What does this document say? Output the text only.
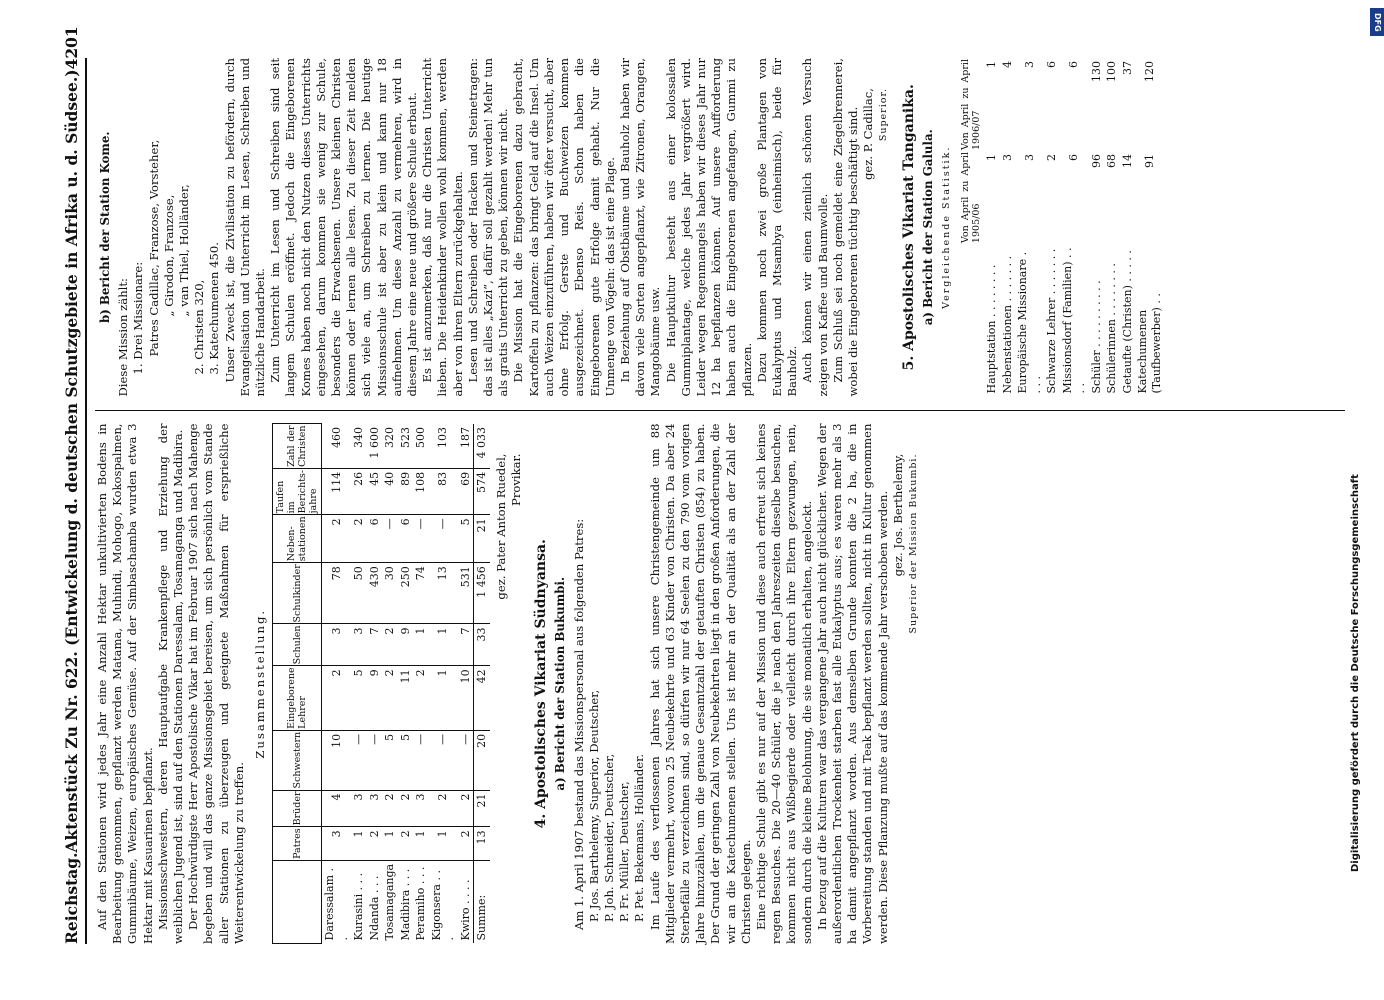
Reichstag.
Aktenstück Zu Nr. 622. (Entwickelung d. deutschen Schutzgebiete in Afrika u. d. Südsee.)
4201

Auf den Stationen wird jedes Jahr eine Anzahl Hektar unkultivierten Bodens in Bearbeitung genommen, gepflanzt werden Matama, Muhindi, Mohogo, Kokospalmen, Gummibäume, Weizen, europäisches Gemüse. Auf der Simbaschamba wurden etwa 3 Hektar mit Kasuarinen bepflanzt. Missionsschwestern, deren Hauptaufgabe Krankenpflege und Erziehung der weiblichen Jugend ist, sind auf den Stationen Daressalam, Tosamaganga und Madibira. Der Hochwürdigste Herr Apostolische Vikar hat im Februar 1907 sich nach Mahenge begeben und will das ganze Missionsgebiet bereisen, um sich persönlich vom Stande aller Stationen zu überzeugen und geeignete Maßnahmen für ersprießliche Weiterentwickelung zu treffen.

Zusammenstellung.

	Patres	Brüder	Schwestern	Eingeborene Lehrer	Schulen	Schulkinder	Neben-stationen	Taufen im Berichts-jahre	Zahl der Christen
Daressalam . .	3	4	10	2	3	78	2	114	460
Kurasini . . .	1	3	—	5	3	50	2	26	340
Ndanda . . .	2	3	—	9	7	430	6	45	1 600
Tosamaganga	1	2	5	2	2	30	—	40	320
Madibira . . .	2	2	5	11	9	250	6	89	523
Peramiho . . .	1	3	—	2	1	74	—	108	500
Kigonsera . . .	1	2	—	1	1	13	—	83	103
Kwiro . . . .	2	2	—	10	7	531	5	69	187
Summe:	13	21	20	42	33	1 456	21	574	4 033

gez. Pater Anton Ruedel, Provikar.

4. Apostolisches Vikariat Südnyansa. a) Bericht der Station Bukumbi. Am 1. April 1907 bestand das Missionspersonal aus folgenden Patres: P. Jos. Barthelemy, Superior, Deutscher, P. Joh. Schneider, Deutscher, P. Fr. Müller, Deutscher, P. Pet. Bekemans, Holländer. Im Laufe des verflossenen Jahres hat sich unsere Christengemeinde um 88 Mitglieder vermehrt, wovon 25 Neubekehrte und 63 Kinder von Christen. Da aber 24 Sterbefälle zu verzeichnen sind, so dürfen wir nur 64 Seelen zu den 790 vom vorigen Jahre hinzuzählen, um die genaue Gesamtzahl der getauften Christen (854) zu haben. Der Grund der geringen Zahl von Neubekehrten liegt in den großen Anforderungen, die wir an die Katechumenen stellen. Uns ist mehr an der Qualität als an der Zahl der Christen gelegen. Eine richtige Schule gibt es nur auf der Mission und diese auch erfreut sich keines regen Besuches. Die 20—40 Schüler, die je nach den Jahreszeiten dieselbe besuchen, kommen nicht aus Wißbegierde oder vielleicht durch ihre Eltern gezwungen, nein, sondern durch die kleine Belohnung, die sie monatlich erhalten, angelockt. In bezug auf die Kulturen war das vergangene Jahr auch nicht glücklicher. Wegen der außerordentlichen Trockenheit starben fast alle Eukalyptus aus; es waren mehr als 3 ha damit angepflanzt worden. Aus demselben Grunde konnten die 2 ha, die in Vorbereitung standen und mit Teak bepflanzt werden sollten, nicht in Kultur genommen werden. Diese Pflanzung mußte auf das kommende Jahr verschoben werden. gez. Jos. Berthelemy, Superior der Mission Bukumbi.

b) Bericht der Station Kome.

Diese Mission zählt: 1. Drei Missionare: Patres Cadillac, Franzose, Vorsteher, „ Girodon, Franzose, „ van Thiel, Holländer,

2. Christen 320, 3. Katechumenen 450. Unser Zweck ist, die Zivilisation zu befördern, durch Evangelisation und Unterricht im Lesen, Schreiben und nützliche Handarbeit. Zum Unterricht im Lesen und Schreiben sind seit langem Schulen eröffnet. Jedoch die Eingeborenen Komes haben noch nicht den Nutzen dieses Unterrichts eingesehen, darum kommen sie wenig zur Schule, besonders die Erwachsenen. Unsere kleinen Christen können oder lernen alle lesen. Zu dieser Zeit melden sich viele an, um Schreiben zu lernen. Die heutige Missionsschule ist aber zu klein und kann nur 18 aufnehmen. Um diese Anzahl zu vermehren, wird in diesem Jahre eine neue und größere Schule erbaut. Es ist anzumerken, daß nur die Christen Unterricht lieben. Die Heidenkinder wollen wohl kommen, werden aber von ihren Eltern zurückgehalten. Lesen und Schreiben oder Hacken und Steinetragen: das ist alles „Kazi“, dafür soll gezahlt werden! Mehr tun als gratis Unterricht zu geben, können wir nicht. Die Mission hat die Eingeborenen dazu gebracht, Kartoffeln zu pflanzen: das bringt Geld auf die Insel. Um auch Weizen einzuführen, haben wir öfter versucht, aber ohne Erfolg. Gerste und Buchweizen kommen ausgezeichnet. Ebenso Reis. Schon haben die Eingeborenen gute Erfolge damit gehabt. Nur die Unmenge von Vögeln: das ist eine Plage. In Beziehung auf Obstbäume und Bauholz haben wir davon viele Sorten angepflanzt, wie Zitronen, Orangen, Mangobäume usw. Die Hauptkultur besteht aus einer kolossalen Gummiplantage, welche jedes Jahr vergrößert wird. Leider wegen Regenmangels haben wir dieses Jahr nur 12 ha bepflanzen können. Auf unsere Aufforderung haben auch die Eingeborenen angefangen, Gummi zu pflanzen. Dazu kommen noch zwei große Plantagen von Eukalyptus und Mtsambya (einheimisch), beide für Bauholz. Auch können wir einen ziemlich schönen Versuch zeigen von Kaffee und Baumwolle. Zum Schluß sei noch gemeldet eine Ziegelbrennerei, wobei die Eingeborenen tüchtig beschäftigt sind. gez. P. Cadillac, Superior. 5. Apostolisches Vikariat Tanganika. a) Bericht der Station Galula. Vergleichende Statistik.

	Von April zu April 1905/06	Von April zu April 1906/07
Hauptstation . . . . . . . .	1	1
Nebenstationen . . . . . . .	3	4
Europäische Missionare . . . .	3	3
Schwarze Lehrer . . . . . . .	2	6
Missionsdorf (Familien) . . . .	6	6
Schüler . . . . . . . . . .	96	130
Schülerinnen . . . . . . . .	68	100
Getaufte (Christen) . . . . .	14	37
Katechumenen (Taufbewerber) . .	91	120
Digitalisierung gefördert durch die Deutsche Forschungsgemeinschaft
DFG
